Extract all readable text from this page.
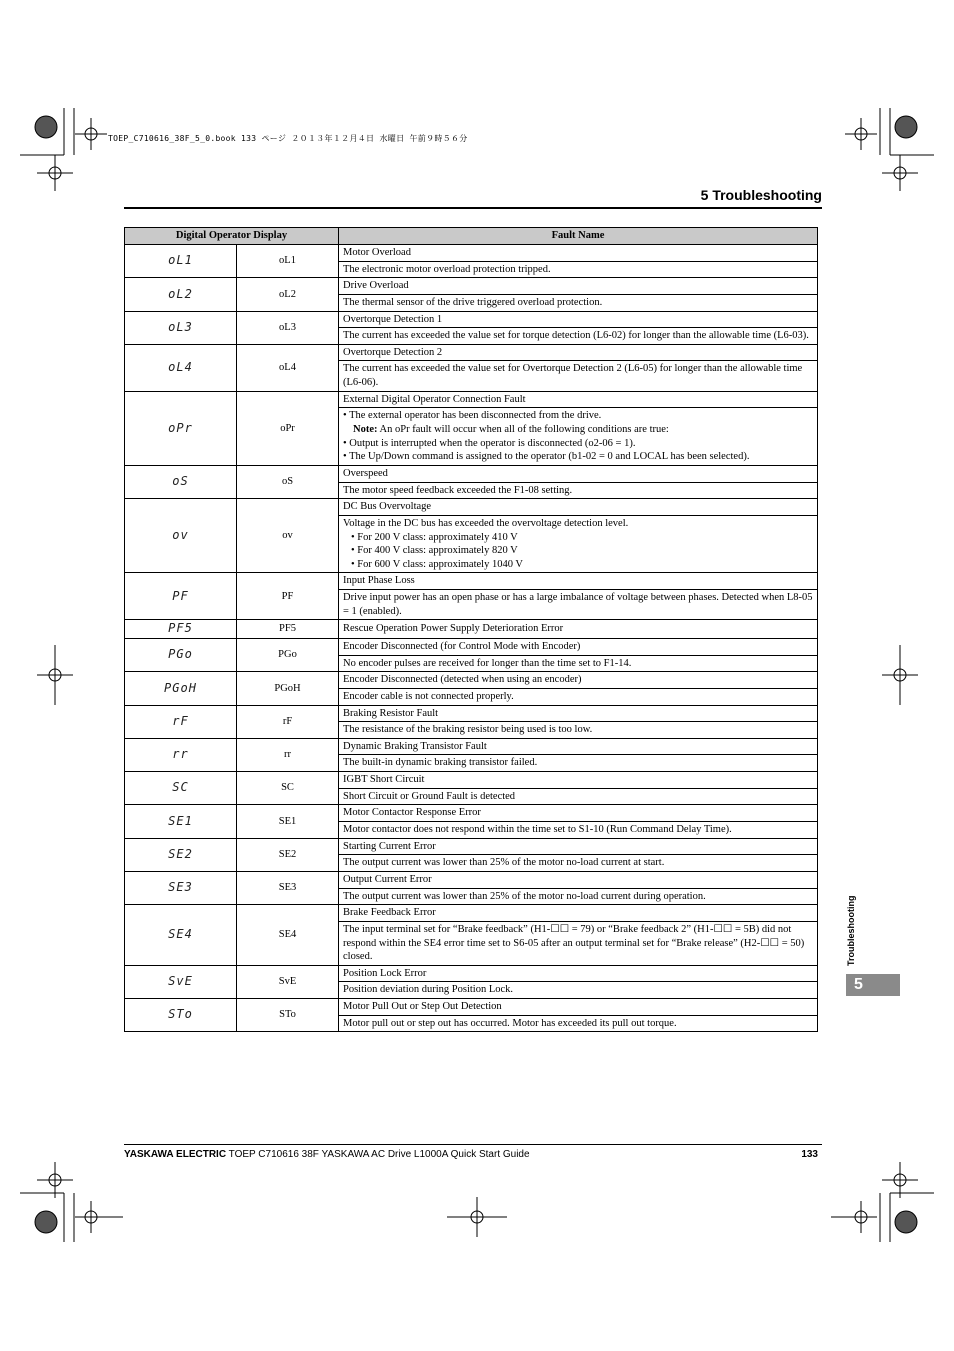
TOEP_C710616_38F_5_0.book 133 ページ ２０１３年１２月４日 水曜日 午前９時５６分
5 Troubleshooting
Digital Operator Display		Fault Name
oL1	oL1	Motor Overload
		The electronic motor overload protection tripped.
oL2	oL2	Drive Overload
		The thermal sensor of the drive triggered overload protection.
oL3	oL3	Overtorque Detection 1
		The current has exceeded the value set for torque detection (L6-02) for longer than the allowable time (L6-03).
oL4	oL4	Overtorque Detection 2
		The current has exceeded the value set for Overtorque Detection 2 (L6-05) for longer than the allowable time (L6-06).
oPr	oPr	External Digital Operator Connection Fault

		• The external operator has been disconnected from the drive.
Note: An oPr fault will occur when all of the following conditions are true:
• Output is interrupted when the operator is disconnected (o2-06 = 1).
• The Up/Down command is assigned to the operator (b1-02 = 0 and LOCAL has been selected).

oS	oS	Overspeed
		The motor speed feedback exceeded the F1-08 setting.
ov	ov	DC Bus Overvoltage

		Voltage in the DC bus has exceeded the overvoltage detection level.
• For 200 V class: approximately 410 V
• For 400 V class: approximately 820 V
• For 600 V class: approximately 1040 V

PF	PF	Input Phase Loss
		Drive input power has an open phase or has a large imbalance of voltage between phases. Detected when L8-05 = 1 (enabled).
PF5	PF5	Rescue Operation Power Supply Deterioration Error
PGo	PGo	Encoder Disconnected (for Control Mode with Encoder)
		No encoder pulses are received for longer than the time set to F1-14.
PGoH	PGoH	Encoder Disconnected (detected when using an encoder)
		Encoder cable is not connected properly.
rF	rF	Braking Resistor Fault
		The resistance of the braking resistor being used is too low.
rr	rr	Dynamic Braking Transistor Fault
		The built-in dynamic braking transistor failed.
SC	SC	IGBT Short Circuit
		Short Circuit or Ground Fault is detected
SE1	SE1	Motor Contactor Response Error
		Motor contactor does not respond within the time set to S1-10 (Run Command Delay Time).
SE2	SE2	Starting Current Error
		The output current was lower than 25% of the motor no-load current at start.
SE3	SE3	Output Current Error
		The output current was lower than 25% of the motor no-load current during operation.
SE4	SE4	Brake Feedback Error
		The input terminal set for “Brake feedback” (H1-☐☐ = 79) or “Brake feedback 2” (H1-☐☐ = 5B) did not respond within the SE4 error time set to S6-05 after an output terminal set for “Brake release” (H2-☐☐ = 50) closed.
SvE	SvE	Position Lock Error
		Position deviation during Position Lock.
STo	STo	Motor Pull Out or Step Out Detection
		Motor pull out or step out has occurred. Motor has exceeded its pull out torque.
Troubleshooting
5
YASKAWA ELECTRIC TOEP C710616 38F YASKAWA AC Drive L1000A Quick Start Guide	133
